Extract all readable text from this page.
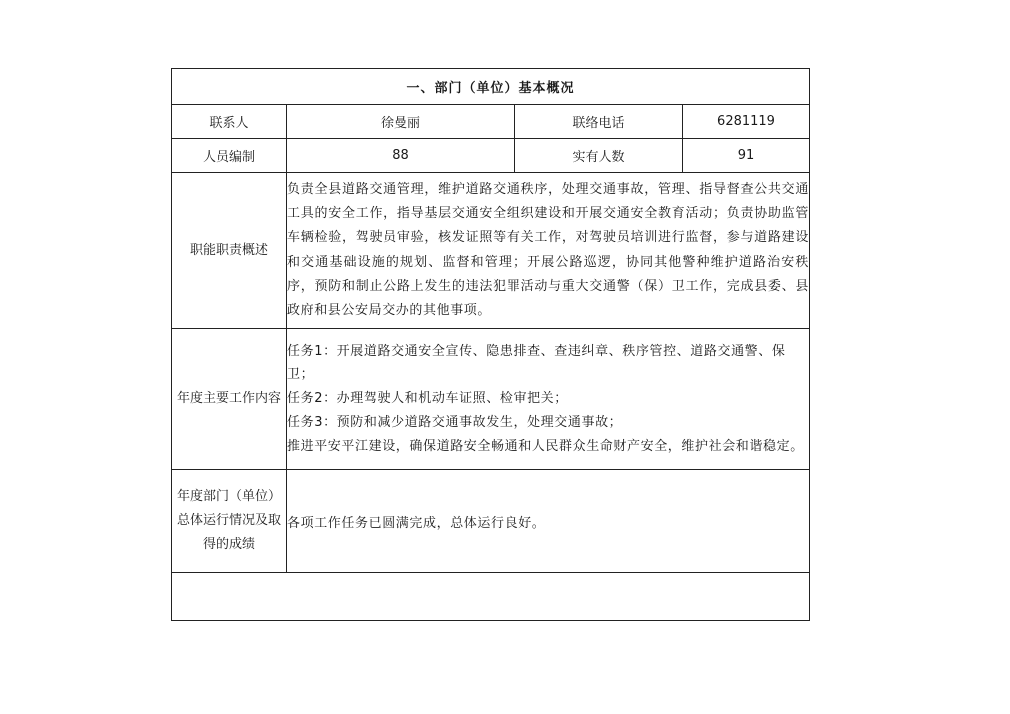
一、部门（单位）基本概况			
联系人	徐曼丽	联络电话	6281119
人员编制	88	实有人数	91
职能职责概述	负责全县道路交通管理，维护道路交通秩序，处理交通事故，管理、指导督查公共交通工具的安全工作，指导基层交通安全组织建设和开展交通安全教育活动；负责协助监管车辆检验，驾驶员审验，核发证照等有关工作，对驾驶员培训进行监督，参与道路建设和交通基础设施的规划、监督和管理；开展公路巡逻，协同其他警种维护道路治安秩序，预防和制止公路上发生的违法犯罪活动与重大交通警（保）卫工作，完成县委、县政府和县公安局交办的其他事项。		
年度主要工作内容	任务1：开展道路交通安全宣传、隐患排查、查违纠章、秩序管控、道路交通警、保卫；
任务2：办理驾驶人和机动车证照、检审把关；
任务3：预防和减少道路交通事故发生，处理交通事故；
推进平安平江建设，确保道路安全畅通和人民群众生命财产安全，维护社会和谐稳定。		

年度部门（单位）总体运行情况及取得的成绩	各项工作任务已圆满完成，总体运行良好。		
